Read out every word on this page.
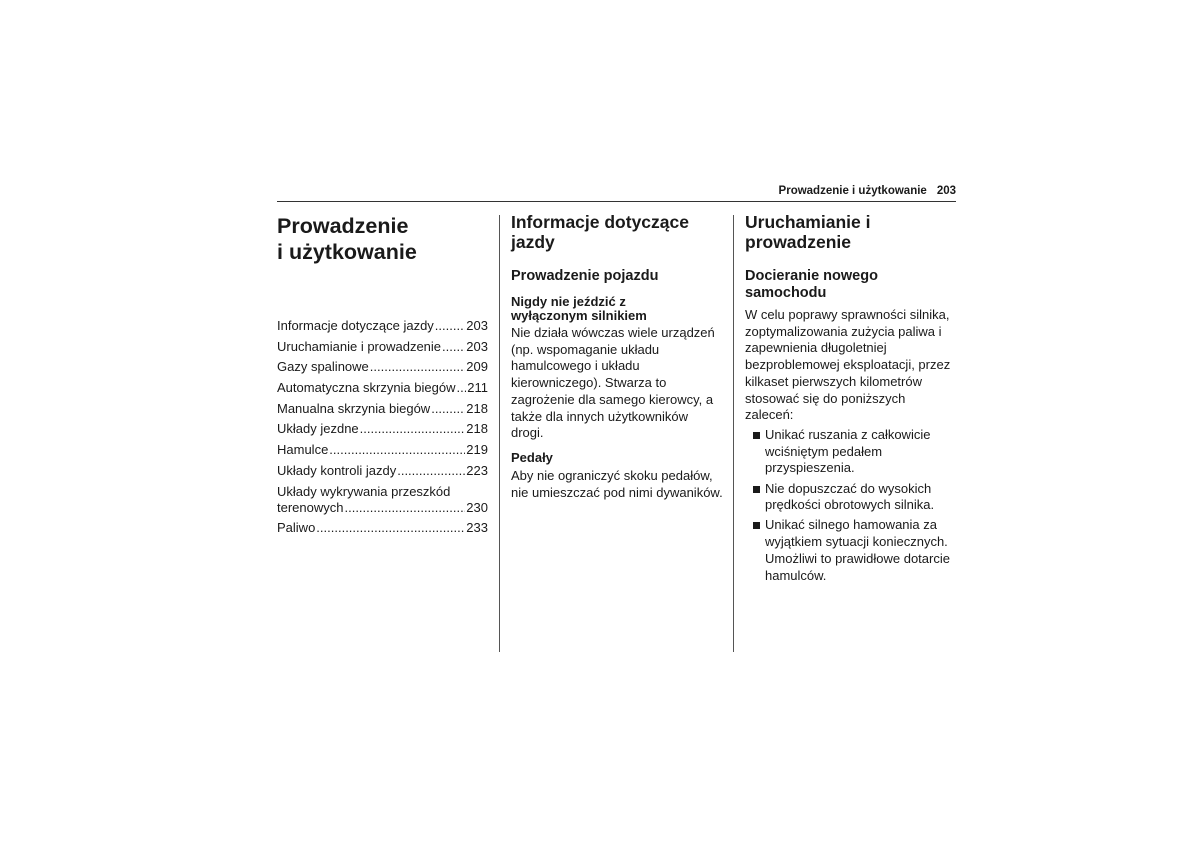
Prowadzenie i użytkowanie 203
Prowadzenie
i użytkowanie
Informacje dotyczące jazdy .....	203
Uruchamianie i prowadzenie ..... 203
Gazy spalinowe .....	209
Automatyczna skrzynia biegów ..... 211
Manualna skrzynia biegów .....	218
Układy jezdne .....	218
Hamulce .....	219
Układy kontroli jazdy .....	223
Układy wykrywania przeszkód
terenowych .....	230
Paliwo .....	233
Informacje dotyczące
jazdy
Prowadzenie pojazdu
Nigdy nie jeździć z
wyłączonym silnikiem

Nie działa wówczas wiele urządzeń
(np. wspomaganie układu
hamulcowego i układu
kierowniczego). Stwarza to
zagrożenie dla samego kierowcy, a
także dla innych użytkowników drogi.

Pedały

Aby nie ograniczyć skoku pedałów,
nie umieszczać pod nimi dywaników.

Uruchamianie i
prowadzenie
Docieranie nowego
samochodu

W celu poprawy sprawności silnika,
zoptymalizowania zużycia paliwa i
zapewnienia długoletniej
bezproblemowej eksploatacji, przez
kilkaset pierwszych kilometrów
stosować się do poniższych zaleceń:

Unikać ruszania z całkowicie
wciśniętym pedałem
przyspieszenia.
Nie dopuszczać do wysokich
prędkości obrotowych silnika.
Unikać silnego hamowania za
wyjątkiem sytuacji koniecznych.
Umożliwi to prawidłowe dotarcie
hamulców.
